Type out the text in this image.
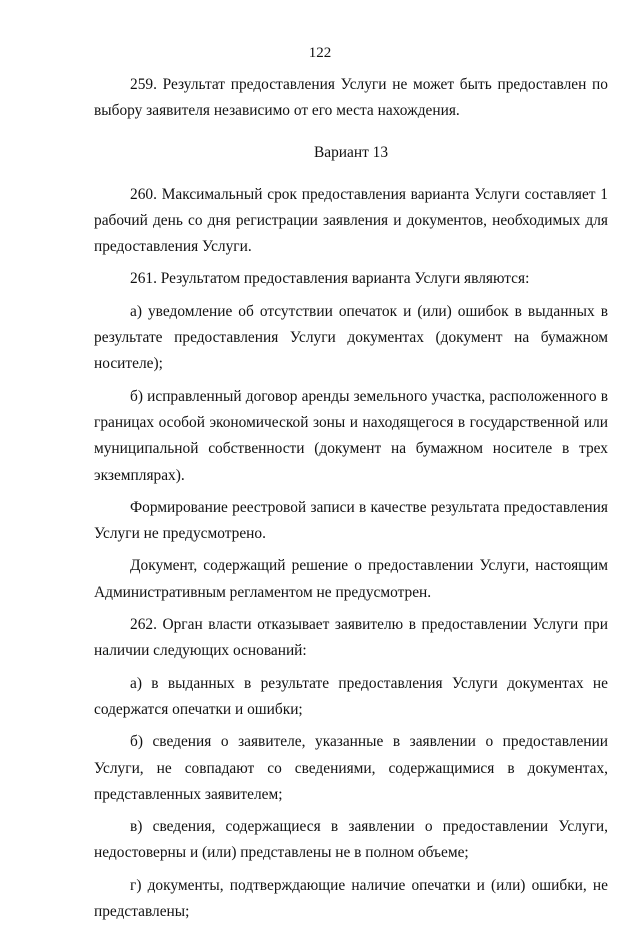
122

259. Результат предоставления Услуги не может быть предоставлен по выбору заявителя независимо от его места нахождения.

Вариант 13

260. Максимальный срок предоставления варианта Услуги составляет 1 рабочий день со дня регистрации заявления и документов, необходимых для предоставления Услуги.

261. Результатом предоставления варианта Услуги являются:

а) уведомление об отсутствии опечаток и (или) ошибок в выданных в результате предоставления Услуги документах (документ на бумажном носителе);

б) исправленный договор аренды земельного участка, расположенного в границах особой экономической зоны и находящегося в государственной или муниципальной собственности (документ на бумажном носителе в трех экземплярах).

Формирование реестровой записи в качестве результата предоставления Услуги не предусмотрено.

Документ, содержащий решение о предоставлении Услуги, настоящим Административным регламентом не предусмотрен.

262. Орган власти отказывает заявителю в предоставлении Услуги при наличии следующих оснований:

а) в выданных в результате предоставления Услуги документах не содержатся опечатки и ошибки;

б) сведения о заявителе, указанные в заявлении о предоставлении Услуги, не совпадают со сведениями, содержащимися в документах, представленных заявителем;

в) сведения, содержащиеся в заявлении о предоставлении Услуги, недостоверны и (или) представлены не в полном объеме;

г) документы, подтверждающие наличие опечатки и (или) ошибки, не представлены;
